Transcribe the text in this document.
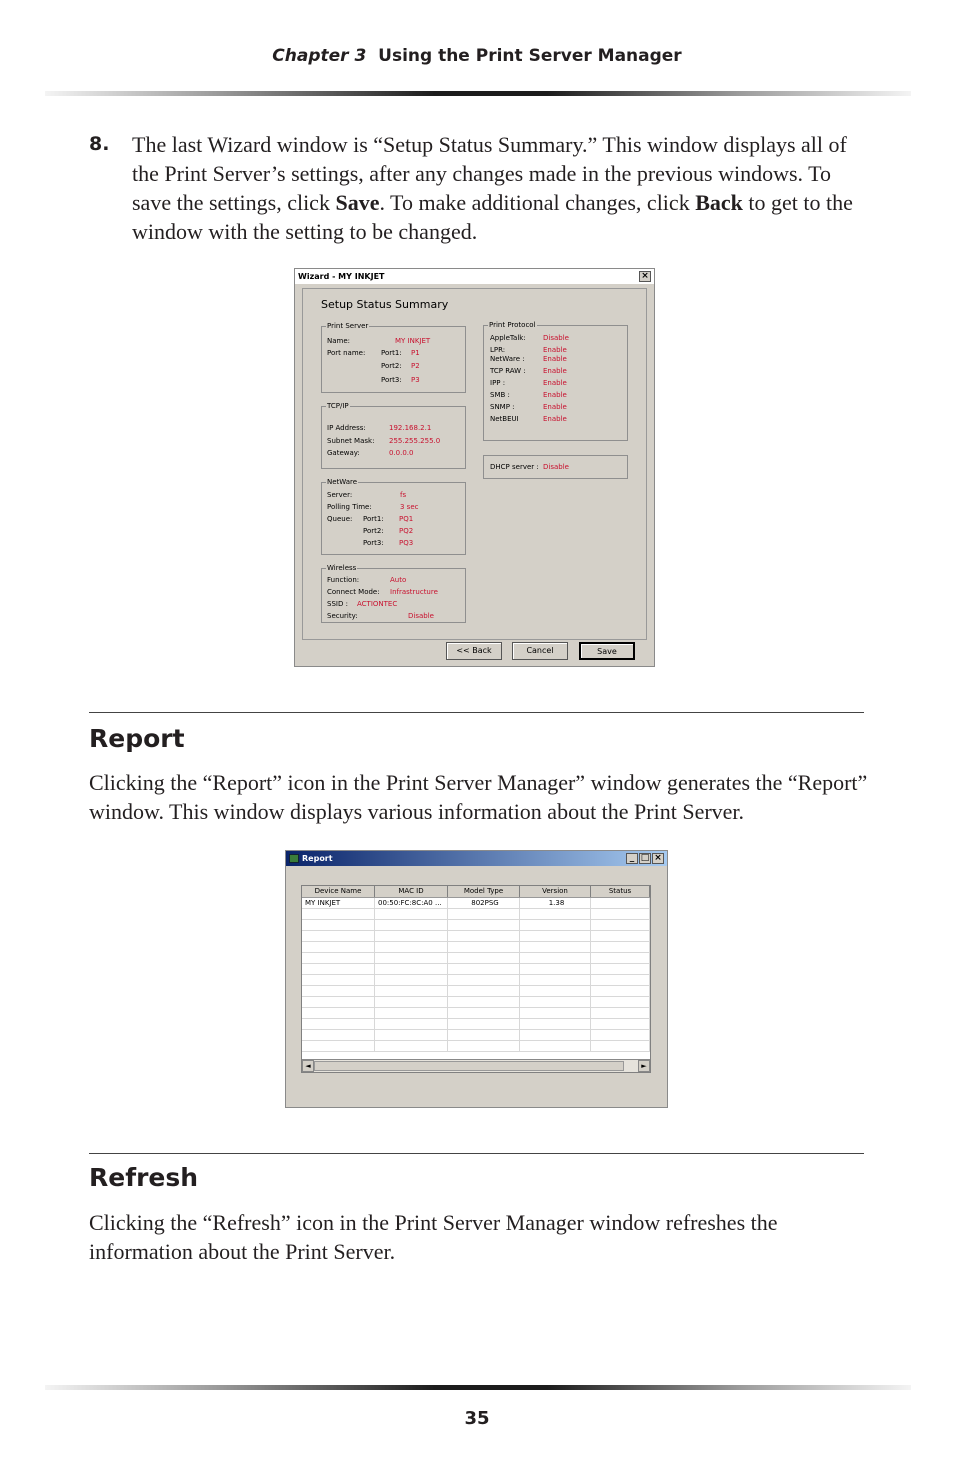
Chapter 3 Using the Print Server Manager
8. The last Wizard window is “Setup Status Summary.” This window displays all of the Print Server’s settings, after any changes made in the previous windows. To save the settings, click Save. To make additional changes, click Back to get to the window with the setting to be changed.
Wizard - MY INKJET	×
Setup Status Summary
Print Server
Name:	MY INKJET
Port name: Port1: P1
Port2: P2
Port3: P3
TCP/IP
IP Address:	192.168.2.1
Subnet Mask: 255.255.255.0
Gateway:	0.0.0.0
NetWare
Server:	fs
Polling Time:	3 sec
Queue: Port1: PQ1
Port2: PQ2
Port3: PQ3
Wireless
Function:	Auto
Connect Mode: Infrastructure
SSID : ACTIONTEC
Security:	Disable
Print Protocol
AppleTalk: Disable
LPR:	Enable
NetWare :	Enable
TCP RAW : Enable
IPP :	Enable
SMB :	Enable
SNMP :	Enable
NetBEUI	Enable
DHCP server : Disable
<< Back	Cancel	Save
Report
Clicking the “Report” icon in the Print Server Manager” window generates the “Report” window. This window displays various information about the Print Server.
Report	_ □ ×
Device Name	MAC ID	Model Type	Version	Status
MY INKJET	00:50:FC:8C:A0 ...	802PSG	1.38
◄	►
Refresh
Clicking the “Refresh” icon in the Print Server Manager window refreshes the information about the Print Server.
35
